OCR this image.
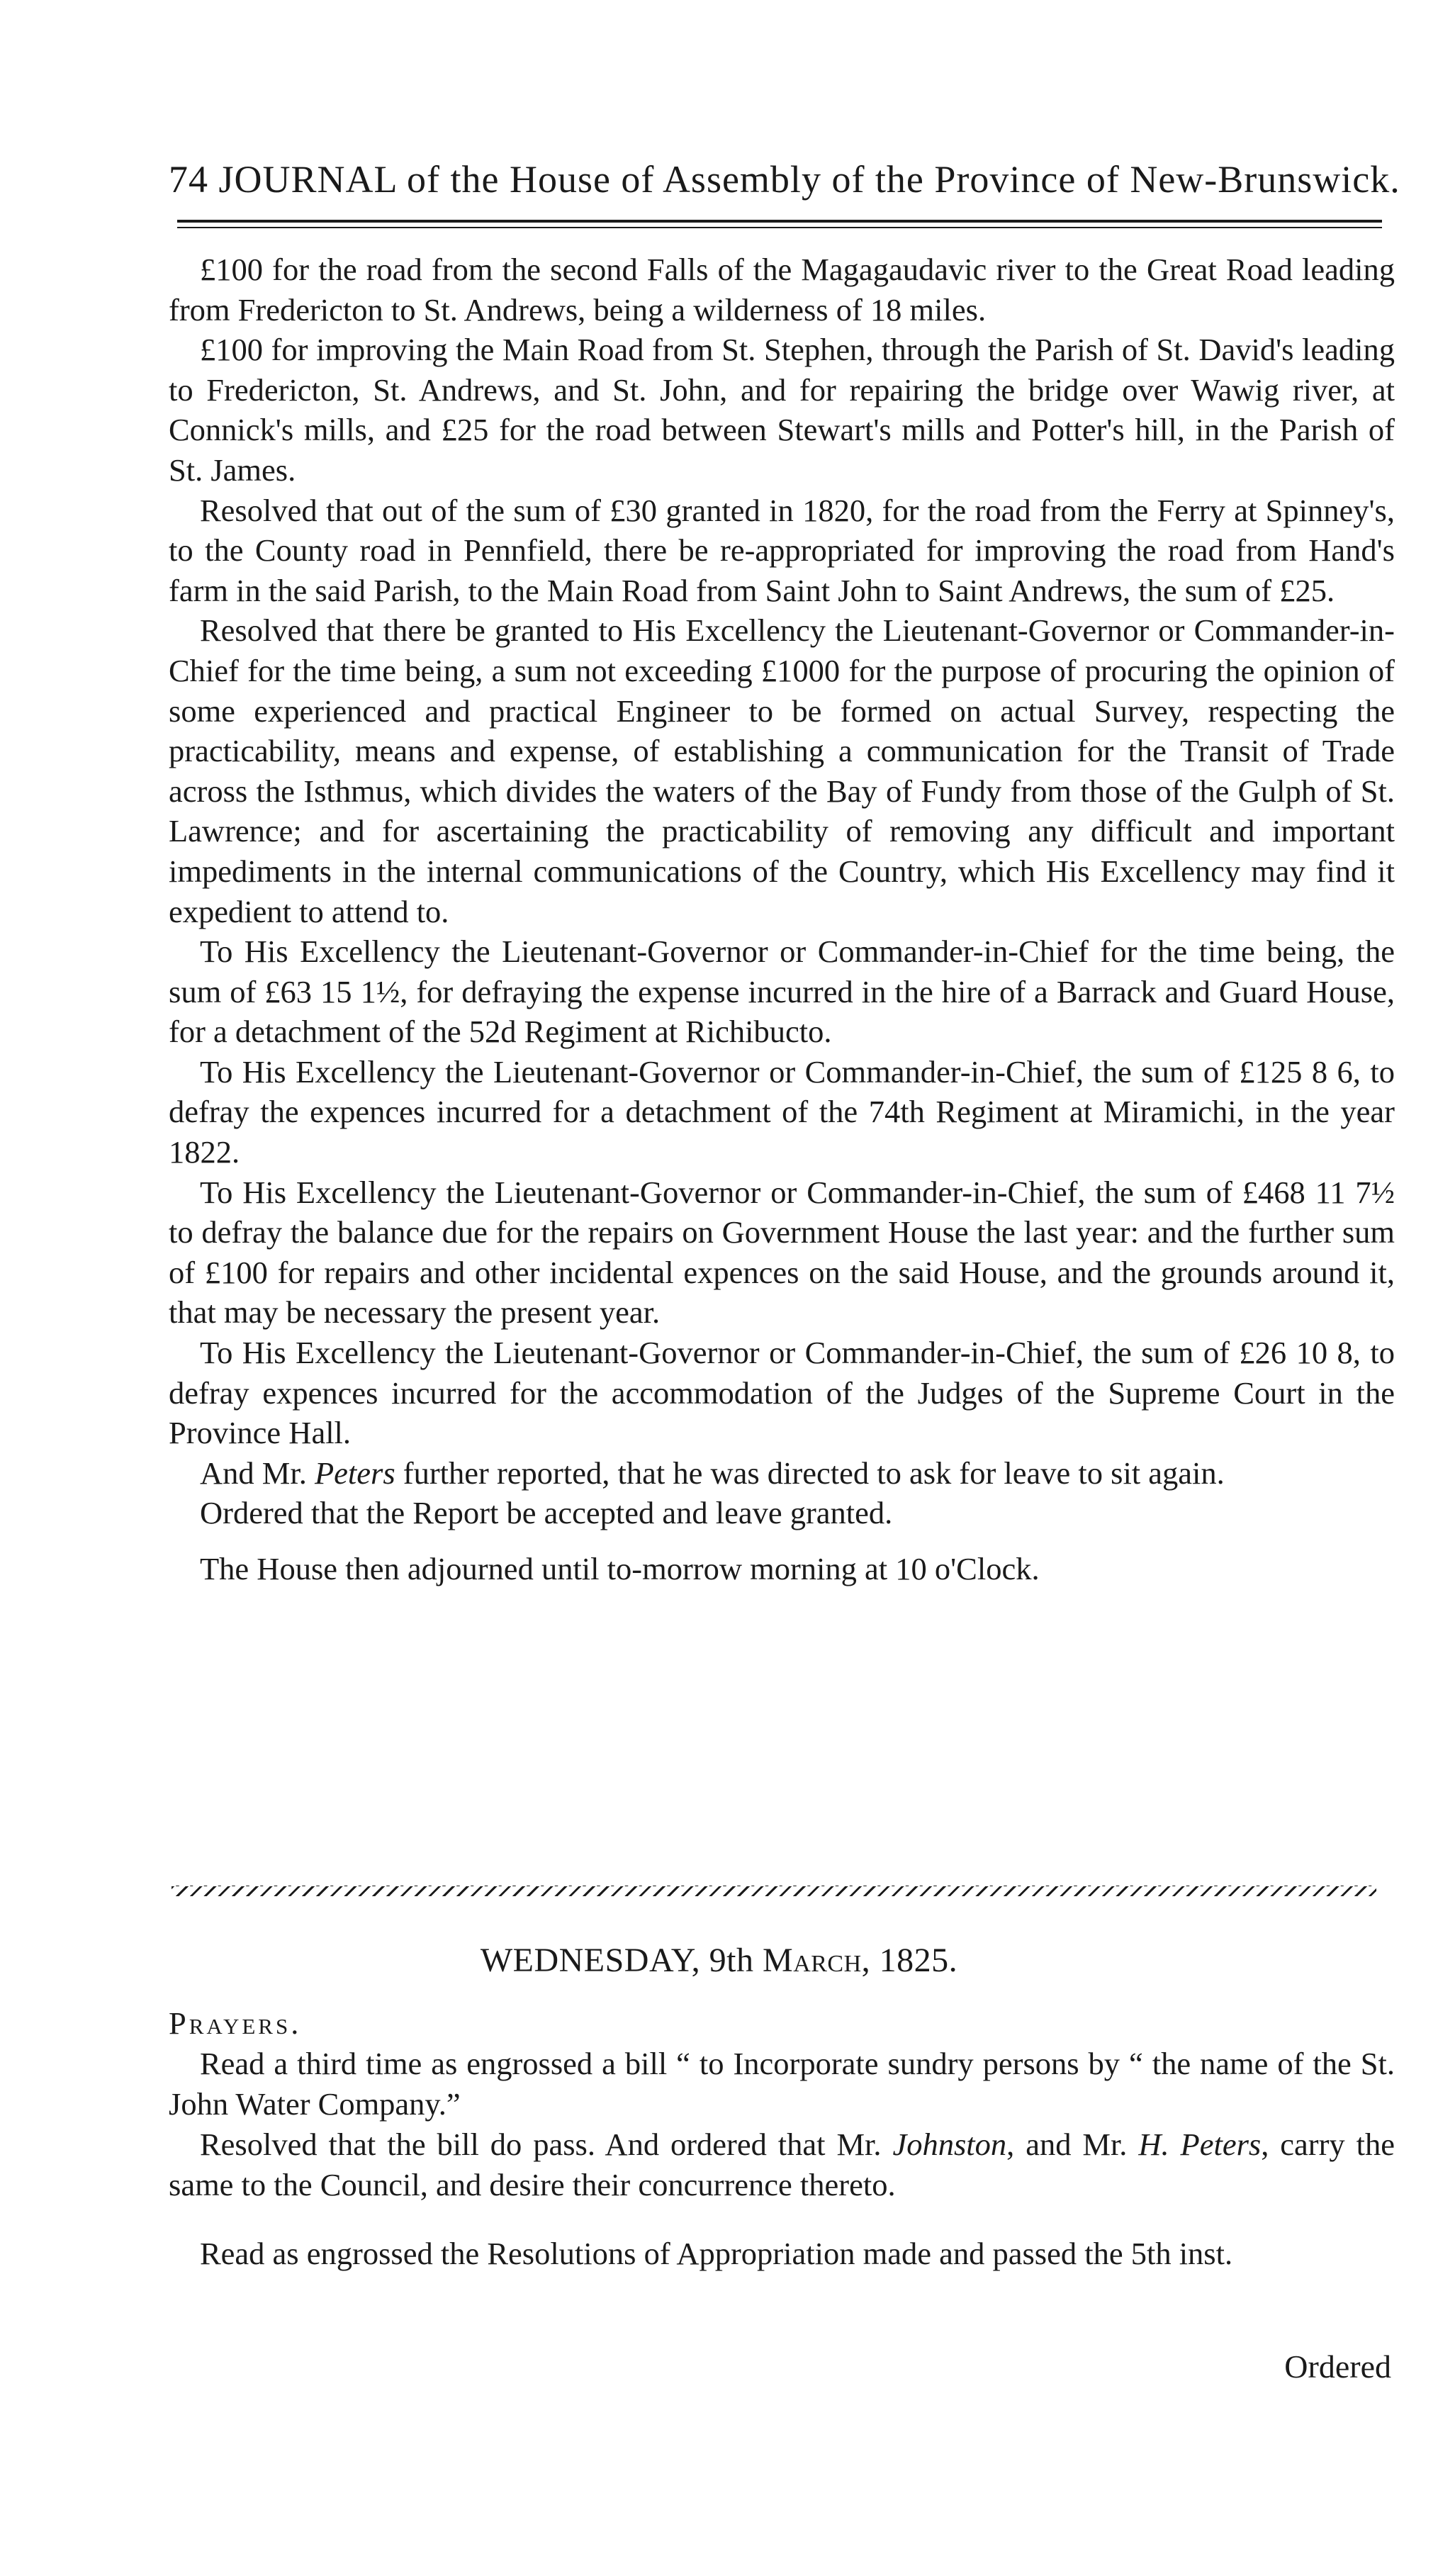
74 JOURNAL of the House of Assembly of the Province of New-Brunswick.

£100 for the road from the second Falls of the Magagaudavic river to the Great Road leading from Fredericton to St. Andrews, being a wilderness of 18 miles.

£100 for improving the Main Road from St. Stephen, through the Parish of St. David's leading to Fredericton, St. Andrews, and St. John, and for repairing the bridge over Wawig river, at Connick's mills, and £25 for the road between Stewart's mills and Potter's hill, in the Parish of St. James.

Resolved that out of the sum of £30 granted in 1820, for the road from the Ferry at Spinney's, to the County road in Pennfield, there be re-appropriated for improving the road from Hand's farm in the said Parish, to the Main Road from Saint John to Saint Andrews, the sum of £25.

Resolved that there be granted to His Excellency the Lieutenant-Governor or Commander-in-Chief for the time being, a sum not exceeding £1000 for the purpose of procuring the opinion of some experienced and practical Engineer to be formed on actual Survey, respecting the practicability, means and expense, of establishing a communication for the Transit of Trade across the Isthmus, which divides the waters of the Bay of Fundy from those of the Gulph of St. Lawrence; and for ascertaining the practicability of removing any difficult and important impediments in the internal communications of the Country, which His Excellency may find it expedient to attend to.

To His Excellency the Lieutenant-Governor or Commander-in-Chief for the time being, the sum of £63 15 1½, for defraying the expense incurred in the hire of a Barrack and Guard House, for a detachment of the 52d Regiment at Richibucto.

To His Excellency the Lieutenant-Governor or Commander-in-Chief, the sum of £125 8 6, to defray the expences incurred for a detachment of the 74th Regiment at Miramichi, in the year 1822.

To His Excellency the Lieutenant-Governor or Commander-in-Chief, the sum of £468 11 7½ to defray the balance due for the repairs on Government House the last year: and the further sum of £100 for repairs and other incidental expences on the said House, and the grounds around it, that may be necessary the present year.

To His Excellency the Lieutenant-Governor or Commander-in-Chief, the sum of £26 10 8, to defray expences incurred for the accommodation of the Judges of the Supreme Court in the Province Hall.

And Mr. Peters further reported, that he was directed to ask for leave to sit again.

Ordered that the Report be accepted and leave granted.

The House then adjourned until to-morrow morning at 10 o'Clock.

WEDNESDAY, 9th March, 1825.

Prayers.

Read a third time as engrossed a bill “ to Incorporate sundry persons by “ the name of the St. John Water Company.”

Resolved that the bill do pass. And ordered that Mr. Johnston, and Mr. H. Peters, carry the same to the Council, and desire their concurrence thereto.

Read as engrossed the Resolutions of Appropriation made and passed the 5th inst.

Ordered
